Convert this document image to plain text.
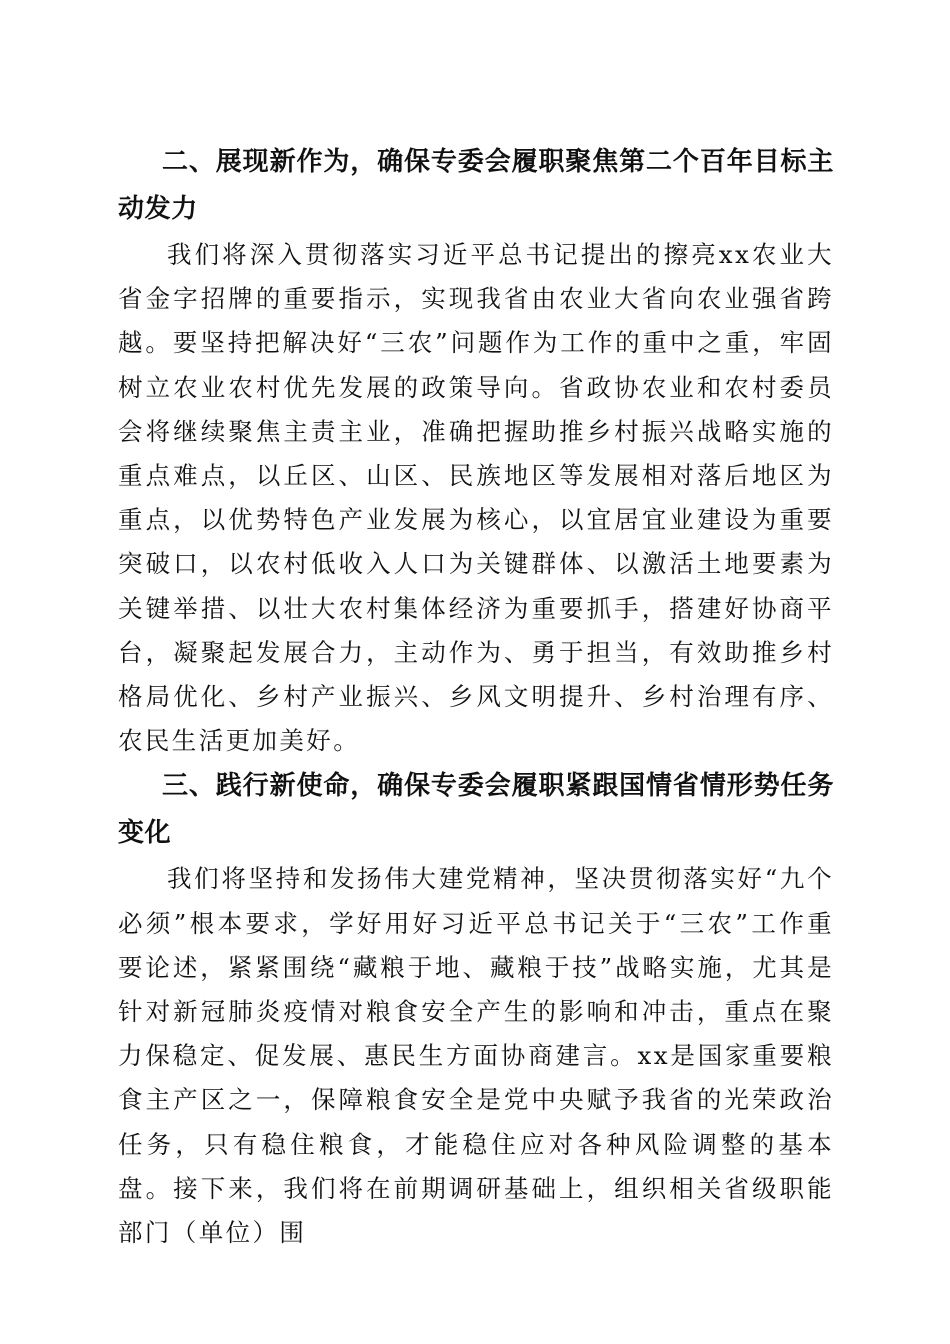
二、展现新作为，确保专委会履职聚焦第二个百年目标主动发力

我们将深入贯彻落实习近平总书记提出的擦亮xx农业大省金字招牌的重要指示，实现我省由农业大省向农业强省跨越。要坚持把解决好“三农”问题作为工作的重中之重，牢固树立农业农村优先发展的政策导向。省政协农业和农村委员会将继续聚焦主责主业，准确把握助推乡村振兴战略实施的重点难点，以丘区、山区、民族地区等发展相对落后地区为重点，以优势特色产业发展为核心，以宜居宜业建设为重要突破口，以农村低收入人口为关键群体、以激活土地要素为关键举措、以壮大农村集体经济为重要抓手，搭建好协商平台，凝聚起发展合力，主动作为、勇于担当，有效助推乡村格局优化、乡村产业振兴、乡风文明提升、乡村治理有序、农民生活更加美好。

三、践行新使命，确保专委会履职紧跟国情省情形势任务变化

我们将坚持和发扬伟大建党精神，坚决贯彻落实好“九个必须”根本要求，学好用好习近平总书记关于“三农”工作重要论述，紧紧围绕“藏粮于地、藏粮于技”战略实施，尤其是针对新冠肺炎疫情对粮食安全产生的影响和冲击，重点在聚力保稳定、促发展、惠民生方面协商建言。xx是国家重要粮食主产区之一，保障粮食安全是党中央赋予我省的光荣政治任务，只有稳住粮食，才能稳住应对各种风险调整的基本盘。接下来，我们将在前期调研基础上，组织相关省级职能部门（单位）围
